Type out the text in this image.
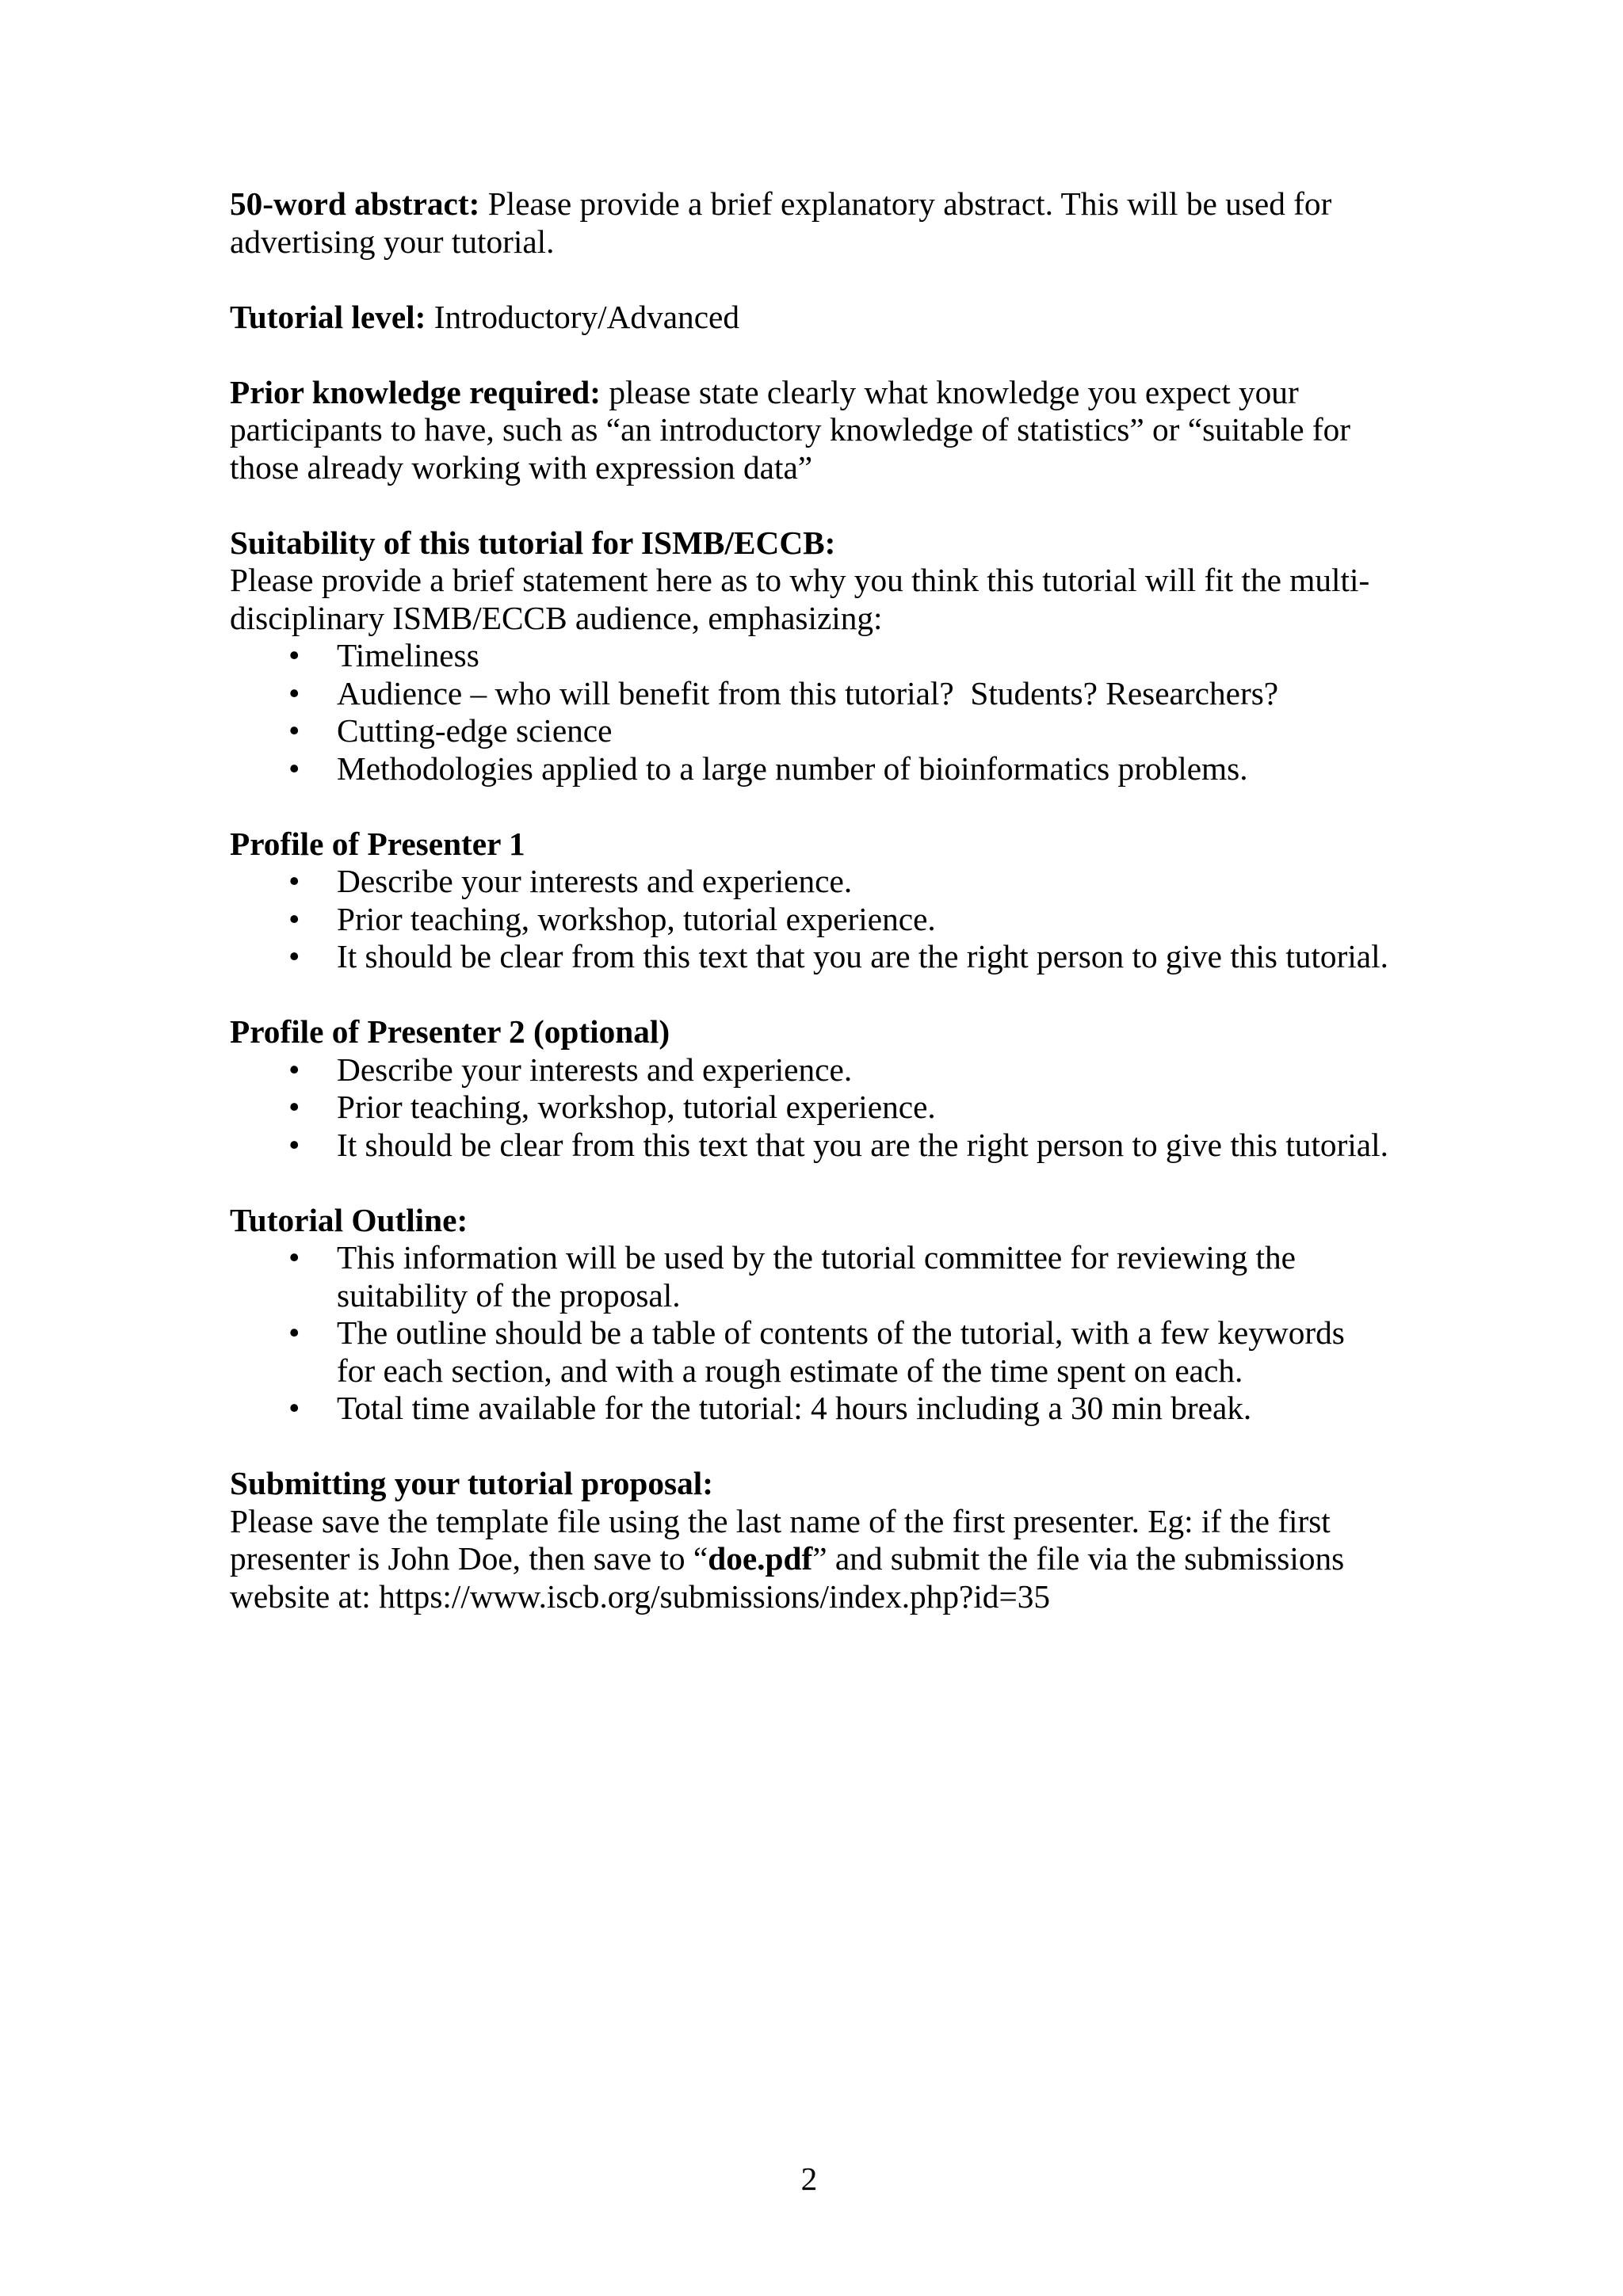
50-word abstract: Please provide a brief explanatory abstract. This will be used for advertising your tutorial.

Tutorial level: Introductory/Advanced

Prior knowledge required: please state clearly what knowledge you expect your participants to have, such as “an introductory knowledge of statistics” or “suitable for those already working with expression data”

Suitability of this tutorial for ISMB/ECCB:

Please provide a brief statement here as to why you think this tutorial will fit the multi-disciplinary ISMB/ECCB audience, emphasizing:

• Timeliness
• Audience – who will benefit from this tutorial?  Students? Researchers?
• Cutting-edge science
• Methodologies applied to a large number of bioinformatics problems.

Profile of Presenter 1

• Describe your interests and experience.
• Prior teaching, workshop, tutorial experience.
• It should be clear from this text that you are the right person to give this tutorial.

Profile of Presenter 2 (optional)

• Describe your interests and experience.
• Prior teaching, workshop, tutorial experience.
• It should be clear from this text that you are the right person to give this tutorial.

Tutorial Outline:

• This information will be used by the tutorial committee for reviewing the suitability of the proposal.
• The outline should be a table of contents of the tutorial, with a few keywords for each section, and with a rough estimate of the time spent on each.
• Total time available for the tutorial: 4 hours including a 30 min break.

Submitting your tutorial proposal:

Please save the template file using the last name of the first presenter. Eg: if the first presenter is John Doe, then save to “doe.pdf” and submit the file via the submissions website at: https://www.iscb.org/submissions/index.php?id=35

2
